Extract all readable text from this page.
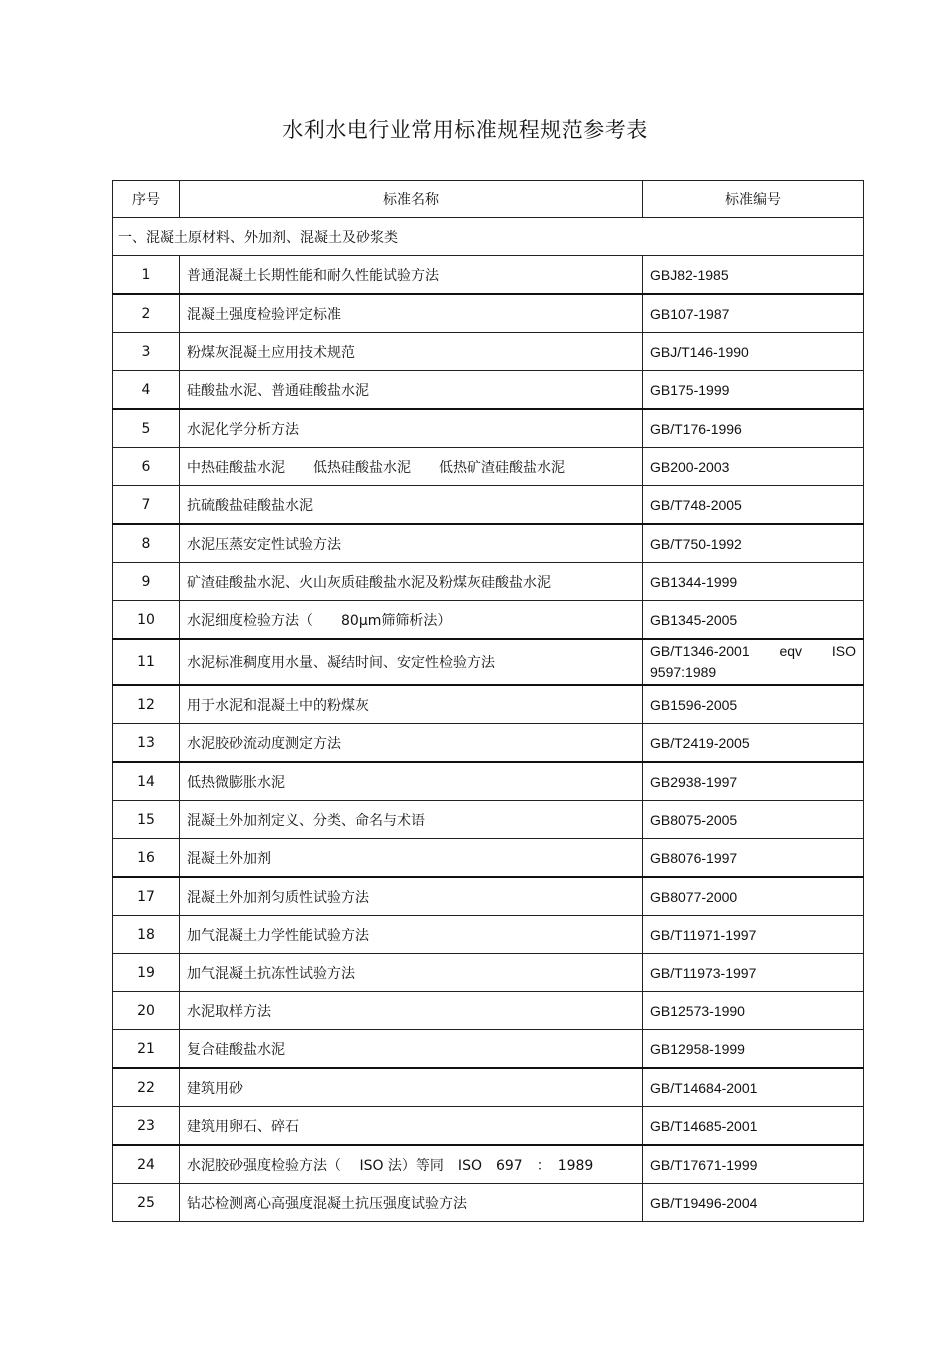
水利水电行业常用标准规程规范参考表
序号	标准名称	标准编号
一、混凝土原材料、外加剂、混凝土及砂浆类		
1	普通混凝土长期性能和耐久性能试验方法	GBJ82-1985
2	混凝土强度检验评定标准	GB107-1987
3	粉煤灰混凝土应用技术规范	GBJ/T146-1990
4	硅酸盐水泥、普通硅酸盐水泥	GB175-1999
5	水泥化学分析方法	GB/T176-1996
6	中热硅酸盐水泥　　低热硅酸盐水泥　　低热矿渣硅酸盐水泥	GB200-2003
7	抗硫酸盐硅酸盐水泥	GB/T748-2005
8	水泥压蒸安定性试验方法	GB/T750-1992
9	矿渣硅酸盐水泥、火山灰质硅酸盐水泥及粉煤灰硅酸盐水泥	GB1344-1999
10	水泥细度检验方法（　　80μm筛筛析法）	GB1345-2005
11	水泥标准稠度用水量、凝结时间、安定性检验方法	GB/T1346-2001 eqv ISO
9597:1989

12	用于水泥和混凝土中的粉煤灰	GB1596-2005
13	水泥胶砂流动度测定方法	GB/T2419-2005
14	低热微膨胀水泥	GB2938-1997
15	混凝土外加剂定义、分类、命名与术语	GB8075-2005
16	混凝土外加剂	GB8076-1997
17	混凝土外加剂匀质性试验方法	GB8077-2000
18	加气混凝土力学性能试验方法	GB/T11971-1997
19	加气混凝土抗冻性试验方法	GB/T11973-1997
20	水泥取样方法	GB12573-1990
21	复合硅酸盐水泥	GB12958-1999
22	建筑用砂	GB/T14684-2001
23	建筑用卵石、碎石	GB/T14685-2001
24	水泥胶砂强度检验方法（　 ISO 法）等同　ISO　697　：　1989	GB/T17671-1999
25	钻芯检测离心高强度混凝土抗压强度试验方法	GB/T19496-2004
